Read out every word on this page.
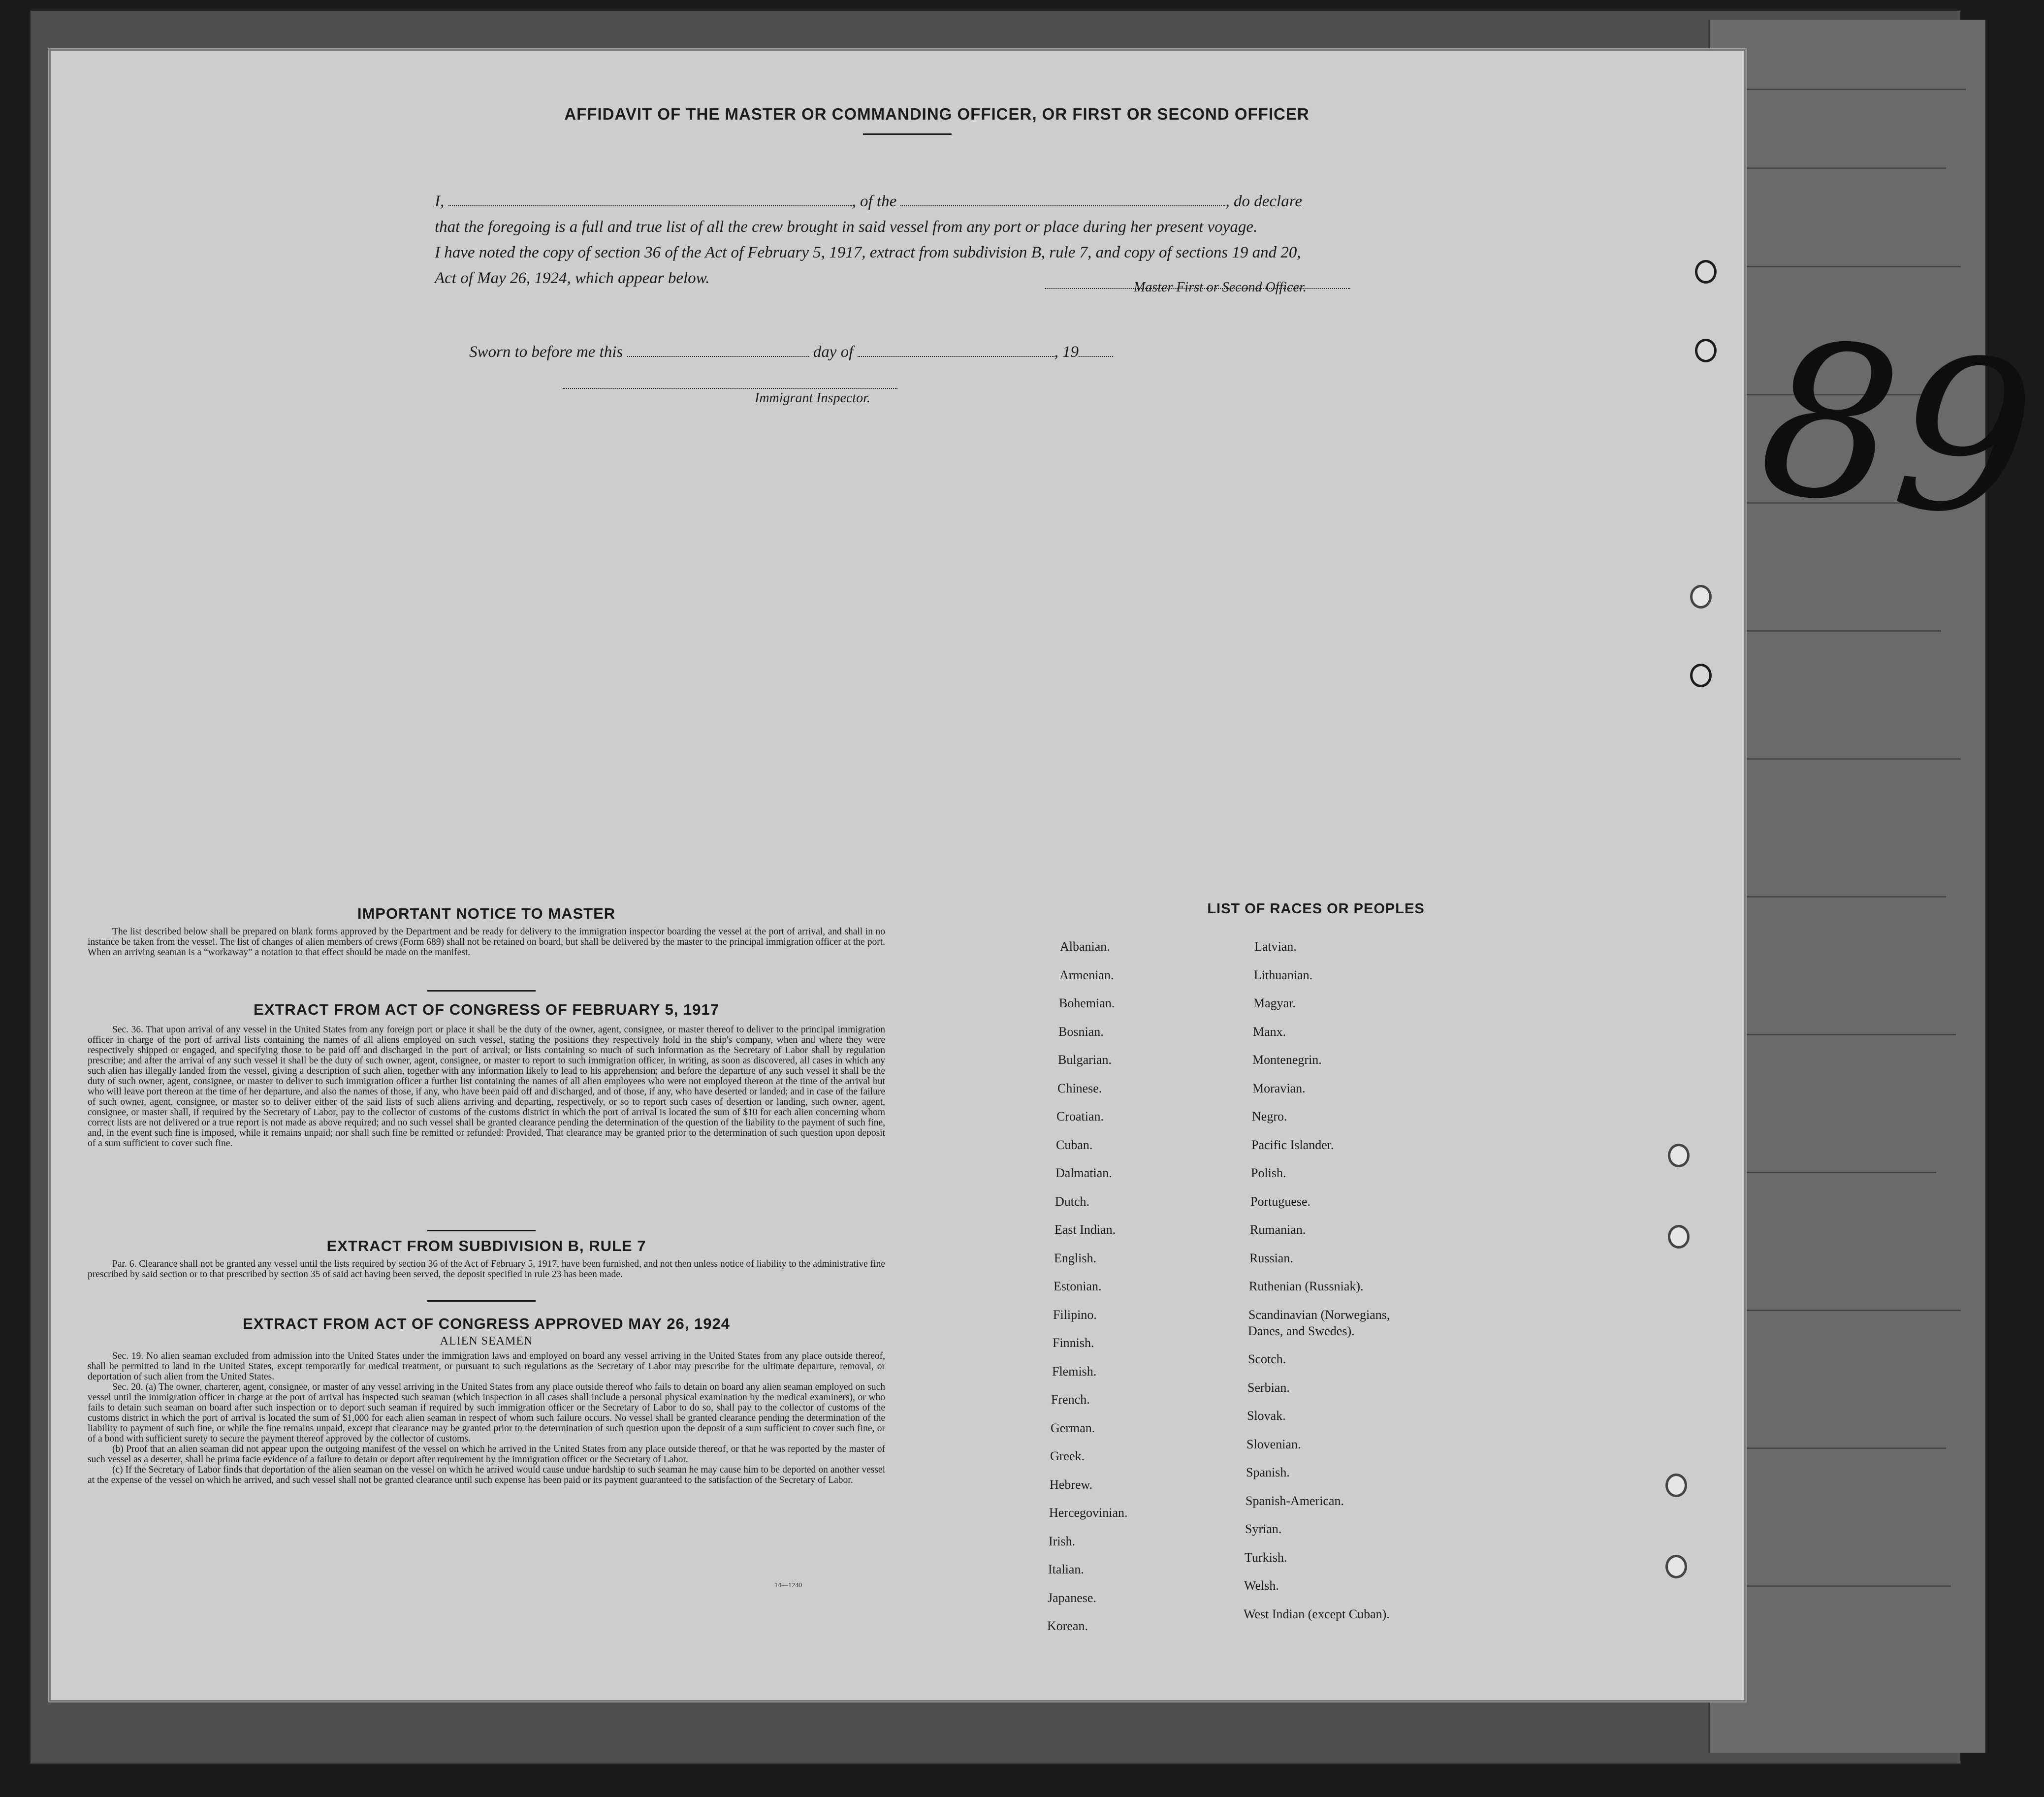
89
AFFIDAVIT OF THE MASTER OR COMMANDING OFFICER, OR FIRST OR SECOND OFFICER
I,	, of the	, do declare
that the foregoing is a full and true list of all the crew brought in said vessel from any port or place during her present voyage.
I have noted the copy of section 36 of the Act of February 5, 1917, extract from subdivision B, rule 7, and copy of sections 19 and 20,
Act of May 26, 1924, which appear below.
Master First or Second Officer.
Sworn to before me this	day of	, 19
Immigrant Inspector.
IMPORTANT NOTICE TO MASTER

The list described below shall be prepared on blank forms approved by the Department and be ready for delivery to the immigration inspector boarding the vessel at the port of arrival, and shall in no instance be taken from the vessel. The list of changes of alien members of crews (Form 689) shall not be retained on board, but shall be delivered by the master to the principal immigration officer at the port. When an arriving seaman is a “workaway” a notation to that effect should be made on the manifest.

EXTRACT FROM ACT OF CONGRESS OF FEBRUARY 5, 1917

Sec. 36. That upon arrival of any vessel in the United States from any foreign port or place it shall be the duty of the owner, agent, consignee, or master thereof to deliver to the principal immigration officer in charge of the port of arrival lists containing the names of all aliens employed on such vessel, stating the positions they respectively hold in the ship's company, when and where they were respectively shipped or engaged, and specifying those to be paid off and discharged in the port of arrival; or lists containing so much of such information as the Secretary of Labor shall by regulation prescribe; and after the arrival of any such vessel it shall be the duty of such owner, agent, consignee, or master to report to such immigration officer, in writing, as soon as discovered, all cases in which any such alien has illegally landed from the vessel, giving a description of such alien, together with any information likely to lead to his apprehension; and before the departure of any such vessel it shall be the duty of such owner, agent, consignee, or master to deliver to such immigration officer a further list containing the names of all alien employees who were not employed thereon at the time of the arrival but who will leave port thereon at the time of her departure, and also the names of those, if any, who have been paid off and discharged, and of those, if any, who have deserted or landed; and in case of the failure of such owner, agent, consignee, or master so to deliver either of the said lists of such aliens arriving and departing, respectively, or so to report such cases of desertion or landing, such owner, agent, consignee, or master shall, if required by the Secretary of Labor, pay to the collector of customs of the customs district in which the port of arrival is located the sum of $10 for each alien concerning whom correct lists are not delivered or a true report is not made as above required; and no such vessel shall be granted clearance pending the determination of the question of the liability to the payment of such fine, and, in the event such fine is imposed, while it remains unpaid; nor shall such fine be remitted or refunded: Provided, That clearance may be granted prior to the determination of such question upon deposit of a sum sufficient to cover such fine.

EXTRACT FROM SUBDIVISION B, RULE 7

Par. 6. Clearance shall not be granted any vessel until the lists required by section 36 of the Act of February 5, 1917, have been furnished, and not then unless notice of liability to the administrative fine prescribed by said section or to that prescribed by section 35 of said act having been served, the deposit specified in rule 23 has been made.

EXTRACT FROM ACT OF CONGRESS APPROVED MAY 26, 1924
ALIEN SEAMEN

Sec. 19. No alien seaman excluded from admission into the United States under the immigration laws and employed on board any vessel arriving in the United States from any place outside thereof, shall be permitted to land in the United States, except temporarily for medical treatment, or pursuant to such regulations as the Secretary of Labor may prescribe for the ultimate departure, removal, or deportation of such alien from the United States.

Sec. 20. (a) The owner, charterer, agent, consignee, or master of any vessel arriving in the United States from any place outside thereof who fails to detain on board any alien seaman employed on such vessel until the immigration officer in charge at the port of arrival has inspected such seaman (which inspection in all cases shall include a personal physical examination by the medical examiners), or who fails to detain such seaman on board after such inspection or to deport such seaman if required by such immigration officer or the Secretary of Labor to do so, shall pay to the collector of customs of the customs district in which the port of arrival is located the sum of $1,000 for each alien seaman in respect of whom such failure occurs. No vessel shall be granted clearance pending the determination of the liability to payment of such fine, or while the fine remains unpaid, except that clearance may be granted prior to the determination of such question upon the deposit of a sum sufficient to cover such fine, or of a bond with sufficient surety to secure the payment thereof approved by the collector of customs.

(b) Proof that an alien seaman did not appear upon the outgoing manifest of the vessel on which he arrived in the United States from any place outside thereof, or that he was reported by the master of such vessel as a deserter, shall be prima facie evidence of a failure to detain or deport after requirement by the immigration officer or the Secretary of Labor.

(c) If the Secretary of Labor finds that deportation of the alien seaman on the vessel on which he arrived would cause undue hardship to such seaman he may cause him to be deported on another vessel at the expense of the vessel on which he arrived, and such vessel shall not be granted clearance until such expense has been paid or its payment guaranteed to the satisfaction of the Secretary of Labor.

14—1240
LIST OF RACES OR PEOPLES
Albanian.
Armenian.
Bohemian.
Bosnian.
Bulgarian.
Chinese.
Croatian.
Cuban.
Dalmatian.
Dutch.
East Indian.
English.
Estonian.
Filipino.
Finnish.
Flemish.
French.
German.
Greek.
Hebrew.
Hercegovinian.
Irish.
Italian.
Japanese.
Korean.
Latvian.
Lithuanian.
Magyar.
Manx.
Montenegrin.
Moravian.
Negro.
Pacific Islander.
Polish.
Portuguese.
Rumanian.
Russian.
Ruthenian (Russniak).
Scandinavian (Norwegians,
Danes, and Swedes).
Scotch.
Serbian.
Slovak.
Slovenian.
Spanish.
Spanish-American.
Syrian.
Turkish.
Welsh.
West Indian (except Cuban).
